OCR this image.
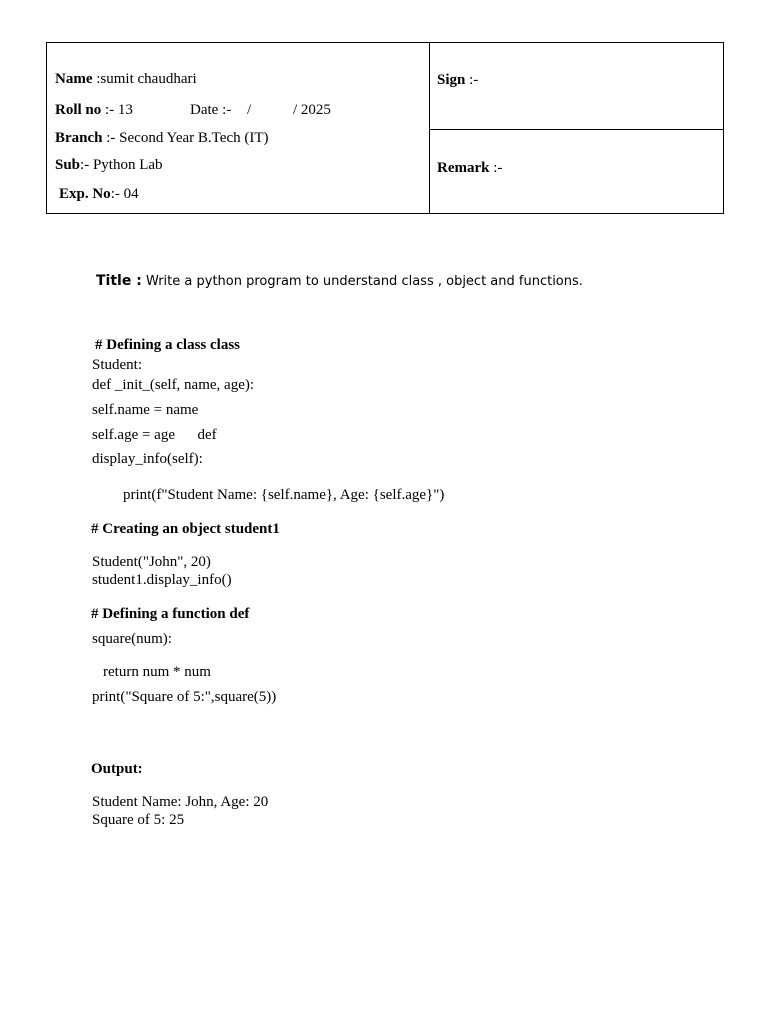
Name :sumit chaudhari
Roll no :- 13	Date :- /	/ 2025
Branch :- Second Year B.Tech (IT)
Sub:- Python Lab
Exp. No:- 04
Sign :-
Remark :-
Title : Write a python program to understand class , object and functions.
# Defining a class class
Student:
def _init_(self, name, age):
self.name = name
self.age = age      def
display_info(self):
print(f"Student Name: {self.name}, Age: {self.age}")
# Creating an object student1
Student("John", 20)
student1.display_info()
# Defining a function def
square(num):
return num * num
print("Square of 5:",square(5))
Output:
Student Name: John, Age: 20
Square of 5: 25
